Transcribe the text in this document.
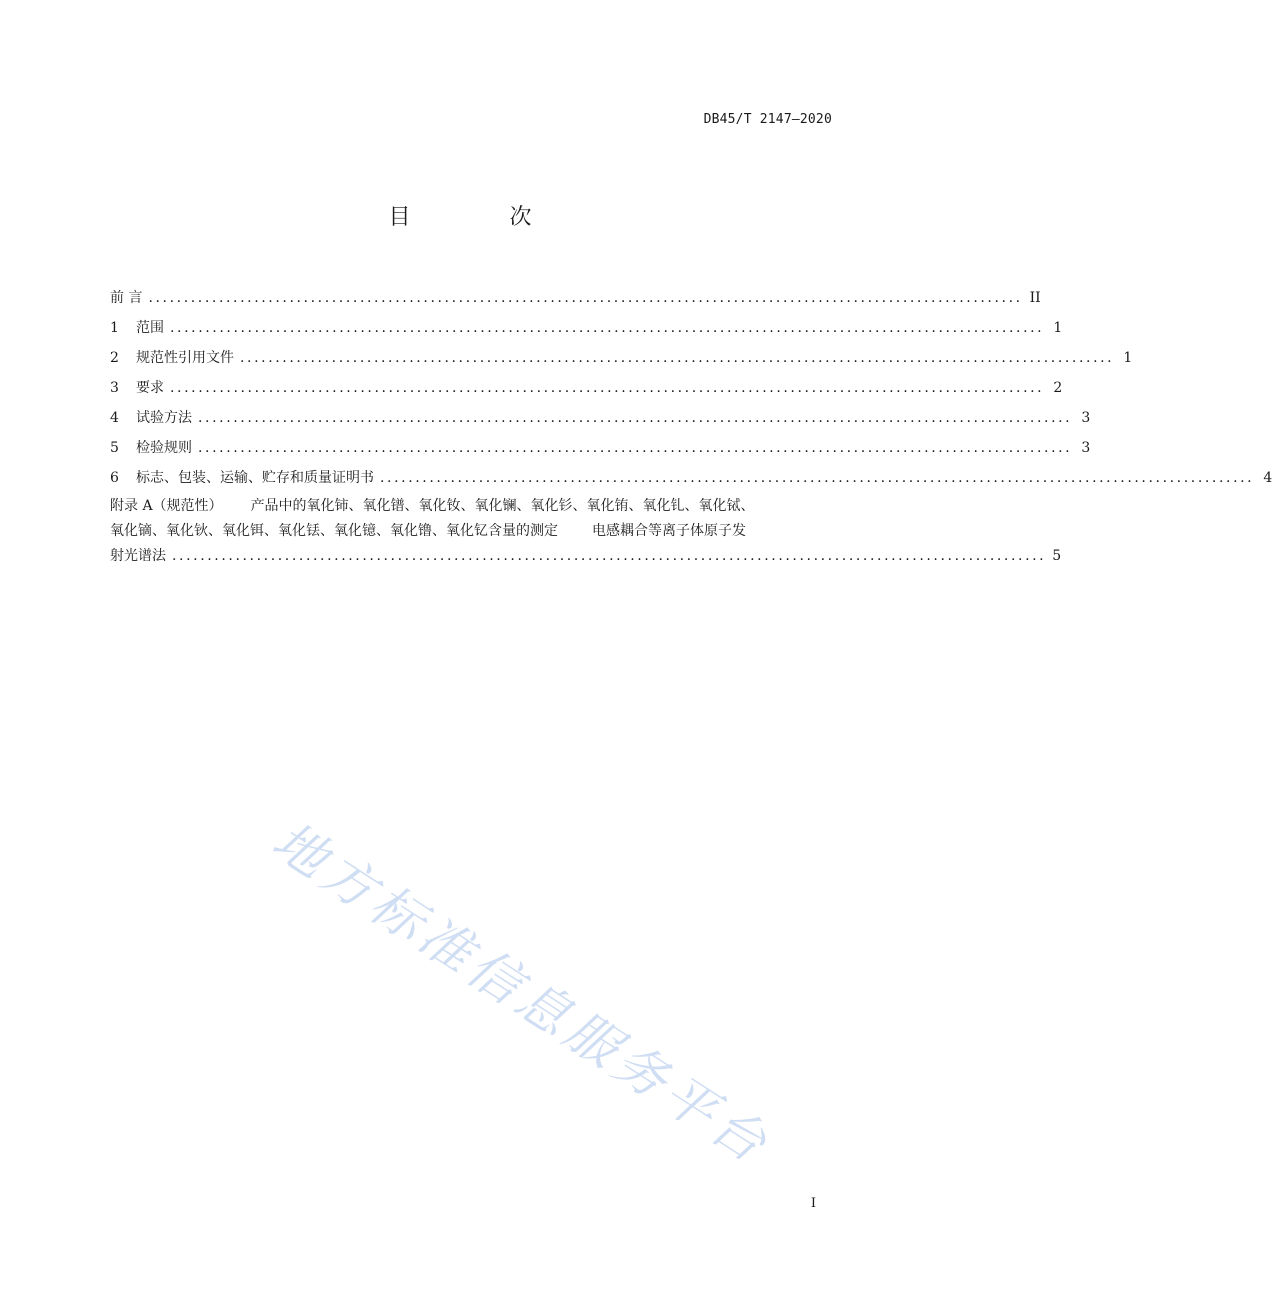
DB45/T 2147—2020
目 次
前 言 ............................................................................................................................ II
1	范围 ............................................................................................................................ 1
2	规范性引用文件 ............................................................................................................................ 1
3	要求 ............................................................................................................................ 2
4	试验方法 ............................................................................................................................ 3
5	检验规则 ............................................................................................................................ 3
6	标志、包装、运输、贮存和质量证明书 ............................................................................................................................ 4
附录 A（规范性） 产品中的氧化铈、氧化镨、氧化钕、氧化镧、氧化钐、氧化铕、氧化钆、氧化铽、
氧化镝、氧化钬、氧化铒、氧化铥、氧化镱、氧化镥、氧化钇含量的测定 电感耦合等离子体原子发
射光谱法 ............................................................................................................................ 5
地方标准信息服务平台
I
